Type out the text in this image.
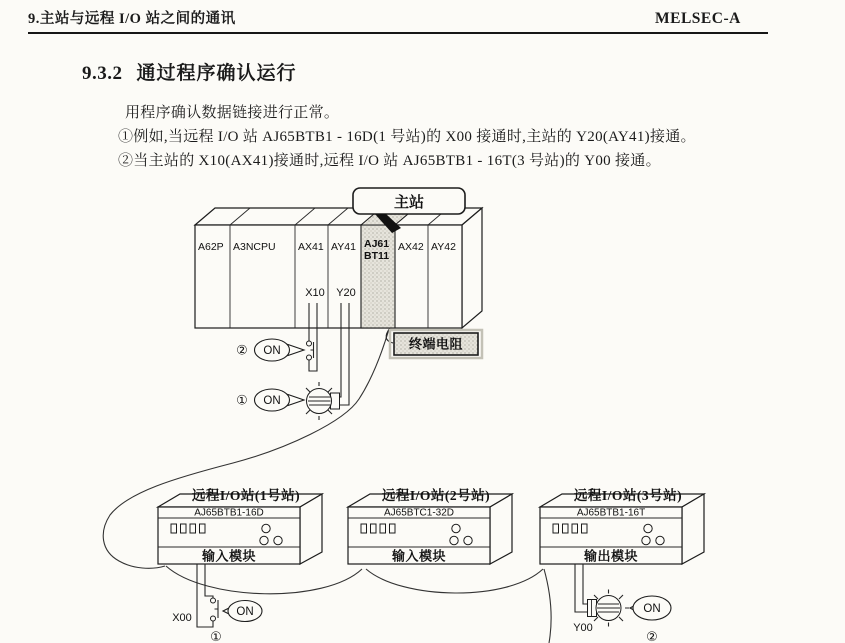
9.主站与远程 I/O 站之间的通讯	MELSEC-A
9.3.2 通过程序确认运行
用程序确认数据链接进行正常。
①例如,当远程 I/O 站 AJ65BTB1 - 16D(1 号站)的 X00 接通时,主站的 Y20(AY41)接通。
②当主站的 X10(AX41)接通时,远程 I/O 站 AJ65BTB1 - 16T(3 号站)的 Y00 接通。
A62P A3NCPU AX41 AY41 AJ61
BT11
AX42 AY42
X10 Y20
主站
终端电阻
ON
②
ON
①
远程I/O站(1号站)
AJ65BTB1-16D
输入模块
远程I/O站(2号站)
AJ65BTC1-32D
输入模块
远程I/O站(3号站)
AJ65BTB1-16T
输出模块
X00	ON
①
Y00
ON
②
